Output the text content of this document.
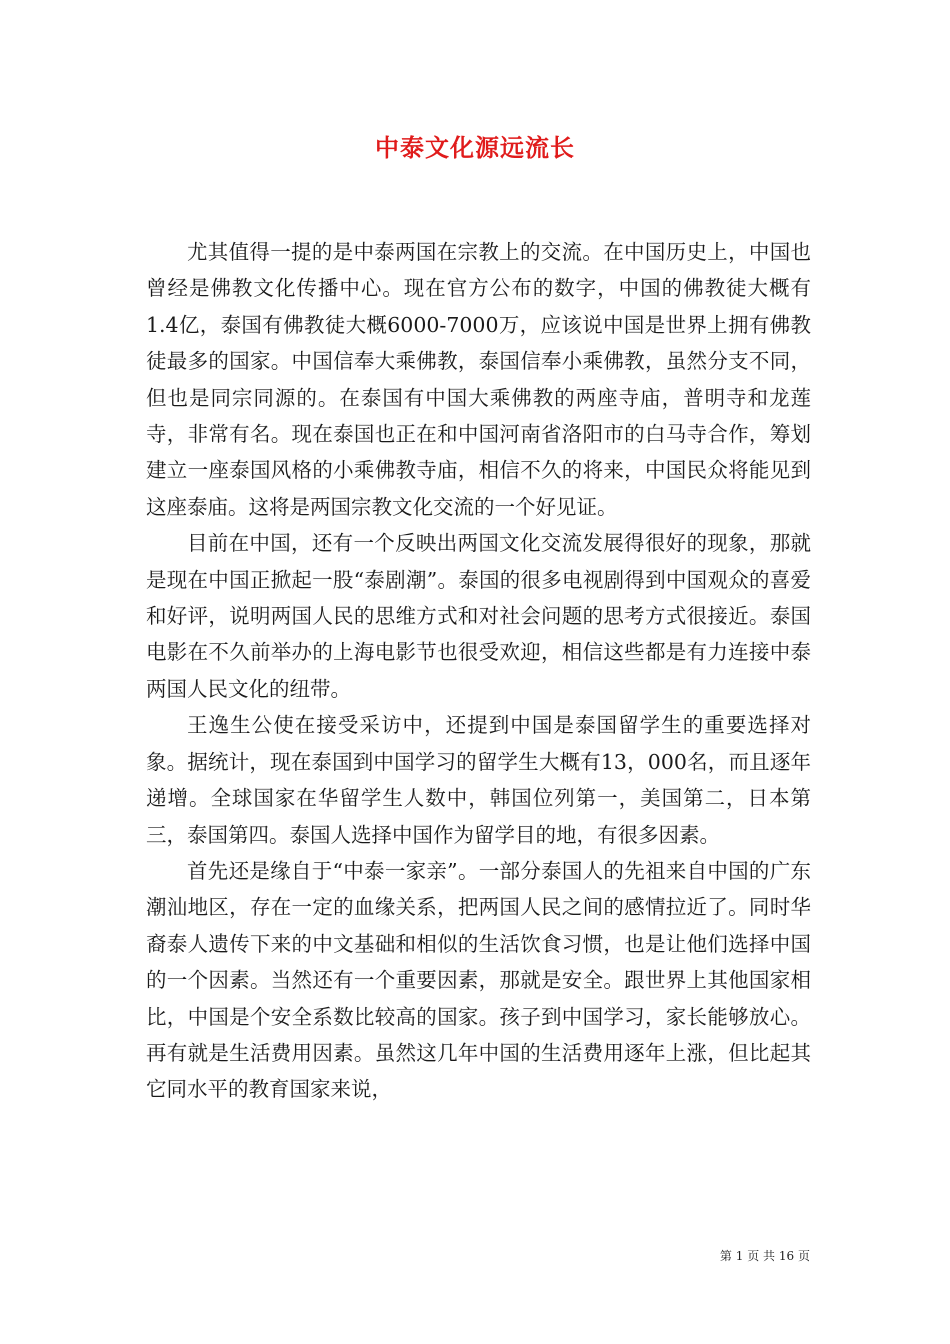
中泰文化源远流长

尤其值得一提的是中泰两国在宗教上的交流。在中国历史上，中国也曾经是佛教文化传播中心。现在官方公布的数字，中国的佛教徒大概有1.4亿，泰国有佛教徒大概6000-7000万，应该说中国是世界上拥有佛教徒最多的国家。中国信奉大乘佛教，泰国信奉小乘佛教，虽然分支不同，但也是同宗同源的。在泰国有中国大乘佛教的两座寺庙，普明寺和龙莲寺，非常有名。现在泰国也正在和中国河南省洛阳市的白马寺合作，筹划建立一座泰国风格的小乘佛教寺庙，相信不久的将来，中国民众将能见到这座泰庙。这将是两国宗教文化交流的一个好见证。

目前在中国，还有一个反映出两国文化交流发展得很好的现象，那就是现在中国正掀起一股“泰剧潮”。泰国的很多电视剧得到中国观众的喜爱和好评，说明两国人民的思维方式和对社会问题的思考方式很接近。泰国电影在不久前举办的上海电影节也很受欢迎，相信这些都是有力连接中泰两国人民文化的纽带。

王逸生公使在接受采访中，还提到中国是泰国留学生的重要选择对象。据统计，现在泰国到中国学习的留学生大概有13，000名，而且逐年递增。全球国家在华留学生人数中，韩国位列第一，美国第二，日本第三，泰国第四。泰国人选择中国作为留学目的地，有很多因素。

首先还是缘自于“中泰一家亲”。一部分泰国人的先祖来自中国的广东潮汕地区，存在一定的血缘关系，把两国人民之间的感情拉近了。同时华裔泰人遗传下来的中文基础和相似的生活饮食习惯，也是让他们选择中国的一个因素。当然还有一个重要因素，那就是安全。跟世界上其他国家相比，中国是个安全系数比较高的国家。孩子到中国学习，家长能够放心。再有就是生活费用因素。虽然这几年中国的生活费用逐年上涨，但比起其它同水平的教育国家来说，

第 1 页 共 16 页
